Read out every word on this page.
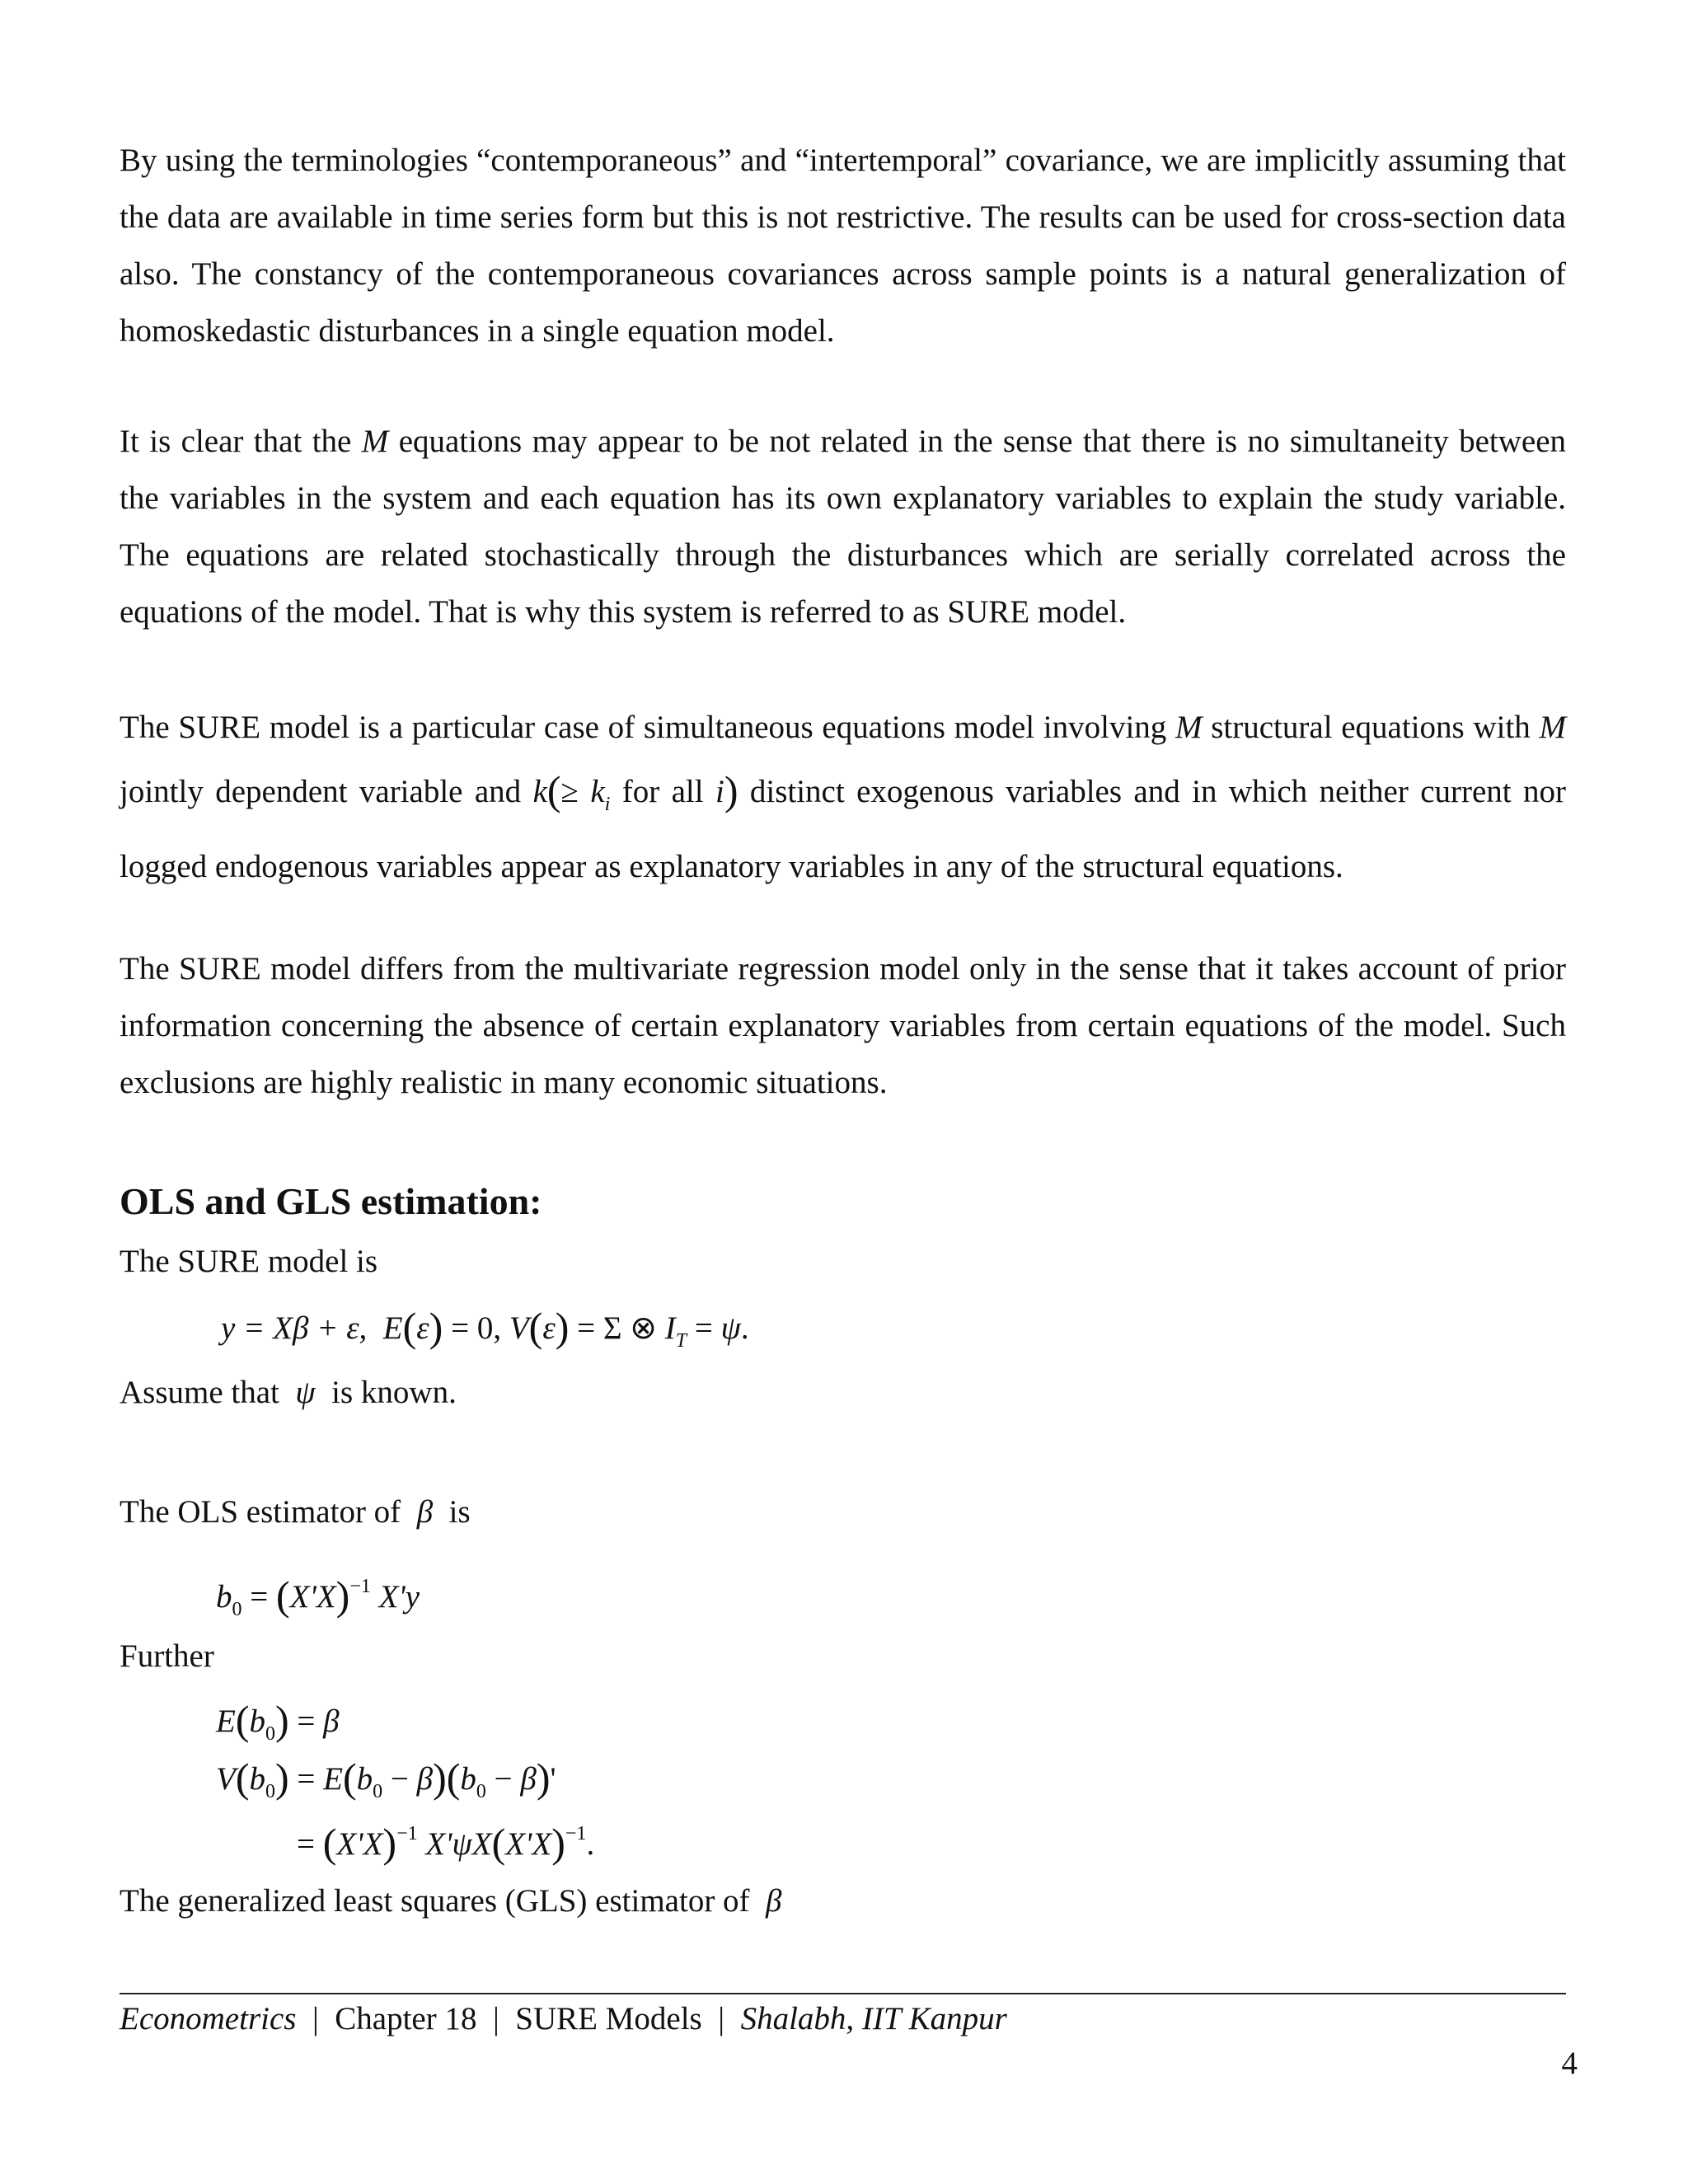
By using the terminologies “contemporaneous” and “intertemporal” covariance, we are implicitly assuming that the data are available in time series form but this is not restrictive. The results can be used for cross-section data also. The constancy of the contemporaneous covariances across sample points is a natural generalization of homoskedastic disturbances in a single equation model.

It is clear that the M equations may appear to be not related in the sense that there is no simultaneity between the variables in the system and each equation has its own explanatory variables to explain the study variable. The equations are related stochastically through the disturbances which are serially correlated across the equations of the model. That is why this system is referred to as SURE model.

The SURE model is a particular case of simultaneous equations model involving M structural equations with M jointly dependent variable and $k(\ge k_i$ for all i) distinct exogenous variables and in which neither current nor logged endogenous variables appear as explanatory variables in any of the structural equations.

The SURE model differs from the multivariate regression model only in the sense that it takes account of prior information concerning the absence of certain explanatory variables from certain equations of the model. Such exclusions are highly realistic in many economic situations.

OLS and GLS estimation:
The SURE model is
y = Xβ + ε,  E(ε) = 0, V(ε) = Σ ⊗ $I_T = \psi$.
Assume that ψ is known.
The OLS estimator of β is
$b_0 = (X'X)^{-1}$ X'y
Further
$E(b_0) = \beta$
$V(b_0) = E(b_0 - \beta)(b_0 - \beta)'$
= $(X'X)^{-1}$ $X'\psi X(X'X)^{-1}$.
The generalized least squares (GLS) estimator of β
Econometrics | Chapter 18 | SURE Models | Shalabh, IIT Kanpur
4
